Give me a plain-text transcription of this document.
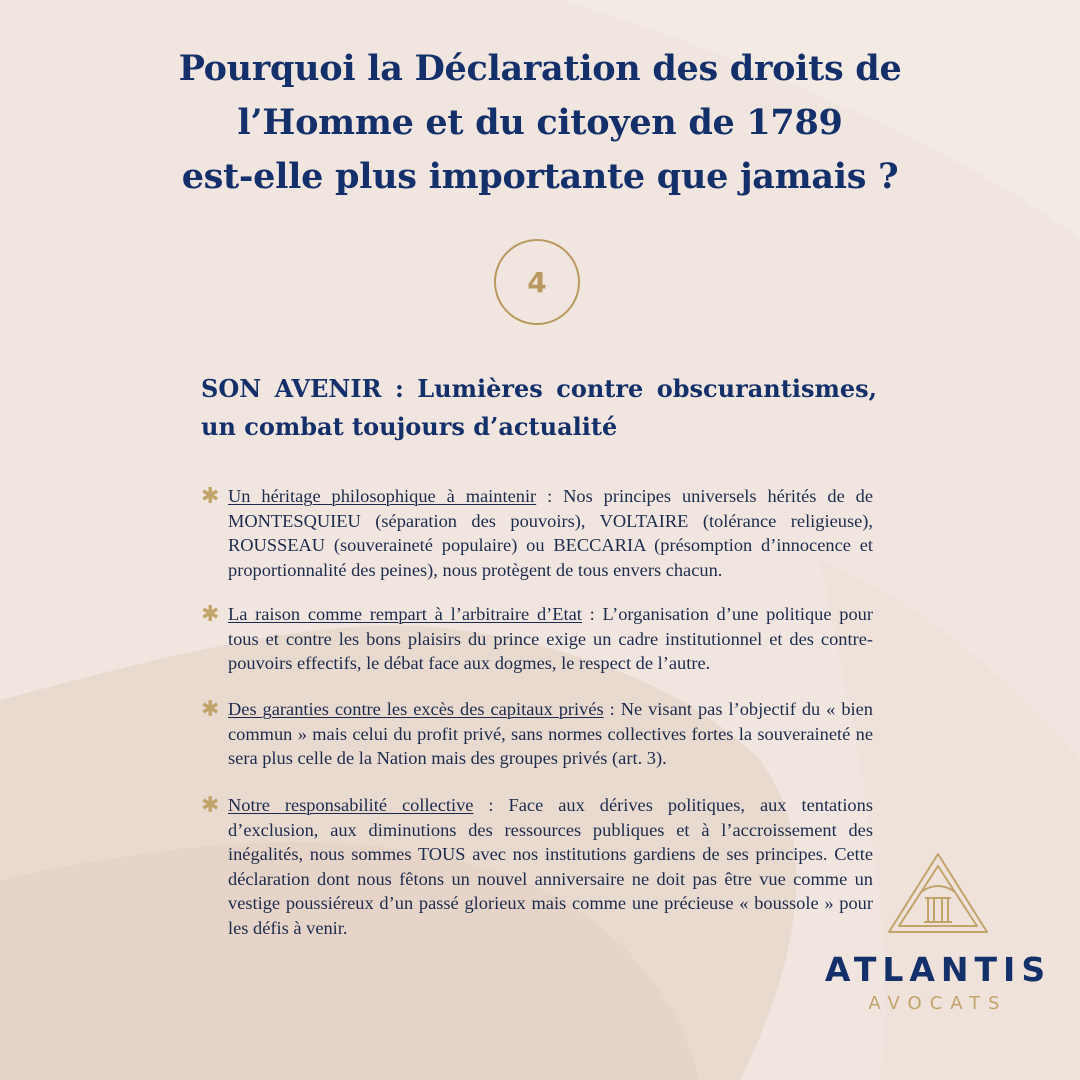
Pourquoi la Déclaration des droits de
l’Homme et du citoyen de 1789
est-elle plus importante que jamais ?
4
SON AVENIR : Lumières contre obscurantismes,
un combat toujours d’actualité
✱ Un héritage philosophique à maintenir : Nos principes universels hérités de de MONTESQUIEU (séparation des pouvoirs), VOLTAIRE (tolérance religieuse), ROUSSEAU (souveraineté populaire) ou BECCARIA (présomption d’innocence et proportionnalité des peines), nous protègent de tous envers chacun.
✱ La raison comme rempart à l’arbitraire d’Etat : L’organisation d’une politique pour tous et contre les bons plaisirs du prince exige un cadre institutionnel et des contre-pouvoirs effectifs, le débat face aux dogmes, le respect de l’autre.
✱ Des garanties contre les excès des capitaux privés : Ne visant pas l’objectif du « bien commun » mais celui du profit privé, sans normes collectives fortes la souveraineté ne sera plus celle de la Nation mais des groupes privés (art. 3).
✱ Notre responsabilité collective : Face aux dérives politiques, aux tentations d’exclusion, aux diminutions des ressources publiques et à l’accroissement des inégalités, nous sommes TOUS avec nos institutions gardiens de ses principes. Cette déclaration dont nous fêtons un nouvel anniversaire ne doit pas être vue comme un vestige poussiéreux d’un passé glorieux mais comme une précieuse « boussole » pour les défis à venir.
ATLANTIS
AVOCATS
